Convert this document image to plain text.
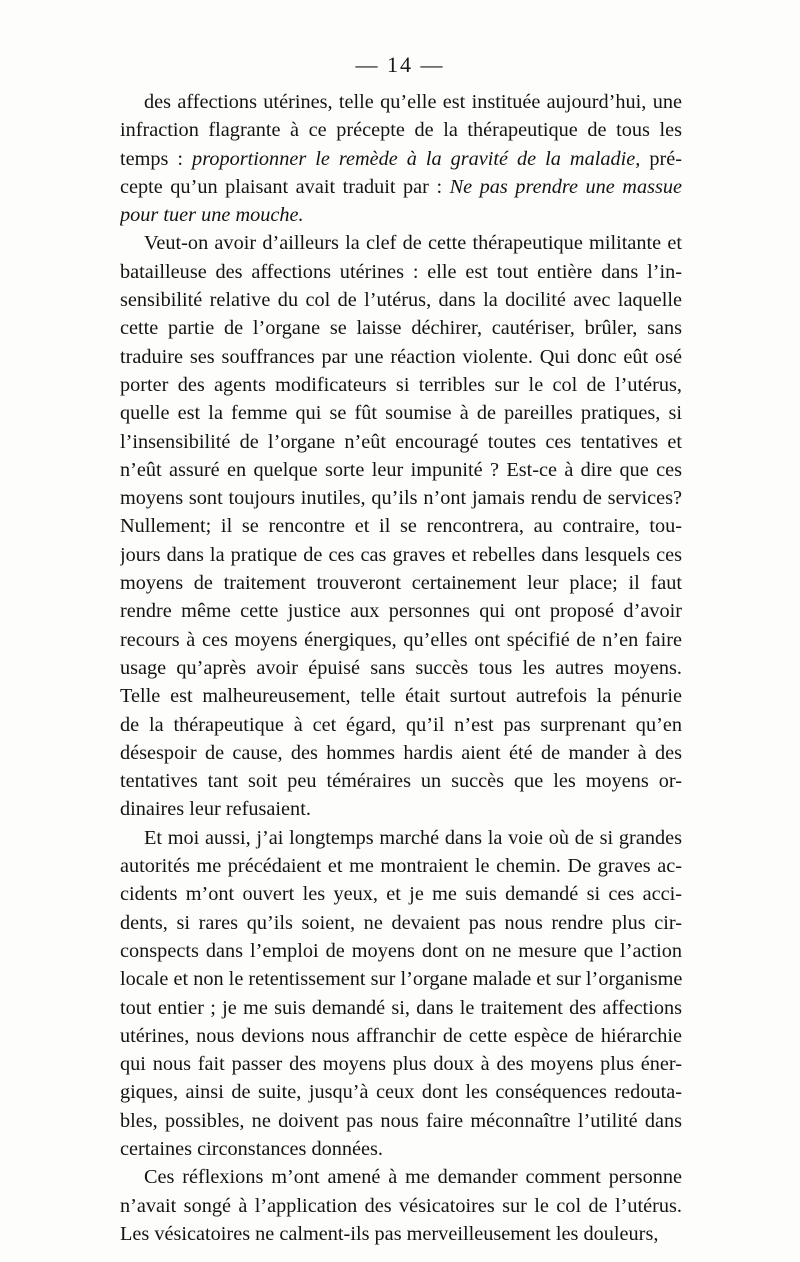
— 14 —

des affections utérines, telle qu’elle est instituée aujourd’hui, une
infraction flagrante à ce précepte de la thérapeutique de tous les
temps : proportionner le remède à la gravité de la maladie, pré-
cepte qu’un plaisant avait traduit par : Ne pas prendre une massue
pour tuer une mouche.

Veut-on avoir d’ailleurs la clef de cette thérapeutique militante et
batailleuse des affections utérines : elle est tout entière dans l’in-
sensibilité relative du col de l’utérus, dans la docilité avec laquelle
cette partie de l’organe se laisse déchirer, cautériser, brûler, sans
traduire ses souffrances par une réaction violente. Qui donc eût osé
porter des agents modificateurs si terribles sur le col de l’utérus,
quelle est la femme qui se fût soumise à de pareilles pratiques, si
l’insensibilité de l’organe n’eût encouragé toutes ces tentatives et
n’eût assuré en quelque sorte leur impunité ? Est-ce à dire que ces
moyens sont toujours inutiles, qu’ils n’ont jamais rendu de services?
Nullement; il se rencontre et il se rencontrera, au contraire, tou-
jours dans la pratique de ces cas graves et rebelles dans lesquels ces
moyens de traitement trouveront certainement leur place; il faut
rendre même cette justice aux personnes qui ont proposé d’avoir
recours à ces moyens énergiques, qu’elles ont spécifié de n’en faire
usage qu’après avoir épuisé sans succès tous les autres moyens.
Telle est malheureusement, telle était surtout autrefois la pénurie
de la thérapeutique à cet égard, qu’il n’est pas surprenant qu’en
désespoir de cause, des hommes hardis aient été de mander à des
tentatives tant soit peu téméraires un succès que les moyens or-
dinaires leur refusaient.

Et moi aussi, j’ai longtemps marché dans la voie où de si grandes
autorités me précédaient et me montraient le chemin. De graves ac-
cidents m’ont ouvert les yeux, et je me suis demandé si ces acci-
dents, si rares qu’ils soient, ne devaient pas nous rendre plus cir-
conspects dans l’emploi de moyens dont on ne mesure que l’action
locale et non le retentissement sur l’organe malade et sur l’organisme
tout entier ; je me suis demandé si, dans le traitement des affections
utérines, nous devions nous affranchir de cette espèce de hiérarchie
qui nous fait passer des moyens plus doux à des moyens plus éner-
giques, ainsi de suite, jusqu’à ceux dont les conséquences redouta-
bles, possibles, ne doivent pas nous faire méconnaître l’utilité dans
certaines circonstances données.

Ces réflexions m’ont amené à me demander comment personne
n’avait songé à l’application des vésicatoires sur le col de l’utérus.
Les vésicatoires ne calment-ils pas merveilleusement les douleurs,
